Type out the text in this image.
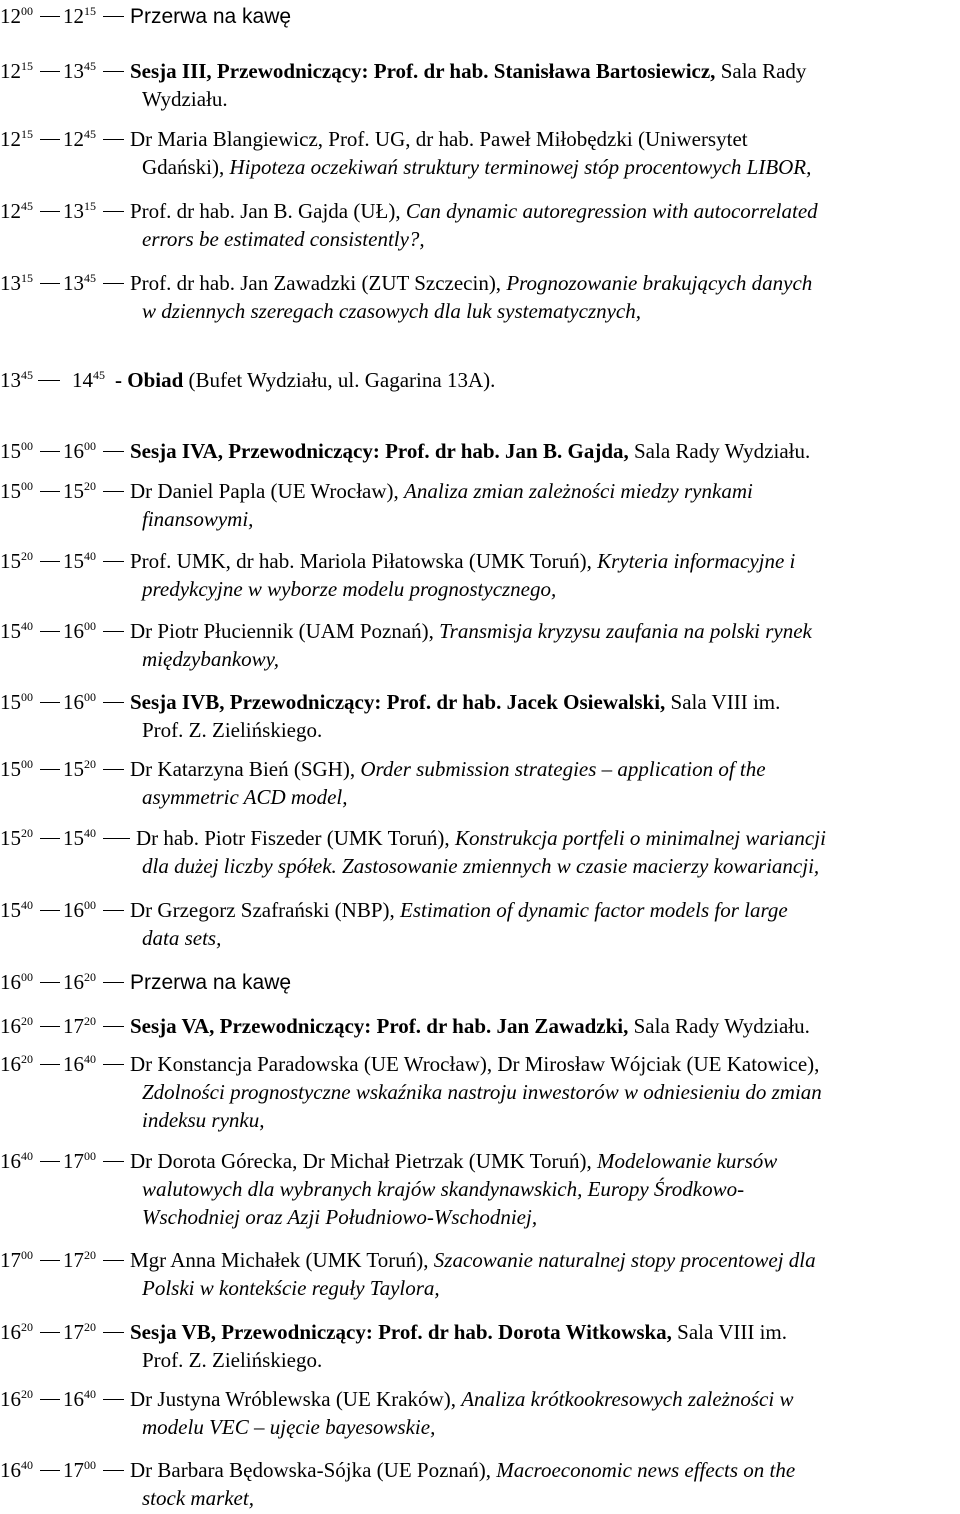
$12^{00}$ $12^{15}$ Przerwa na kawę
$12^{15}$ $13^{45}$ Sesja III, Przewodniczący: Prof. dr hab. Stanisława Bartosiewicz, Sala Rady
Wydziału.
$12^{15}$ $12^{45}$ Dr Maria Blangiewicz, Prof. UG, dr hab. Paweł Miłobędzki (Uniwersytet
Gdański), Hipoteza oczekiwań struktury terminowej stóp procentowych LIBOR,
$12^{45}$ $13^{15}$ Prof. dr hab. Jan B. Gajda (UŁ), Can dynamic autoregression with autocorrelated
errors be estimated consistently?,
$13^{15}$ $13^{45}$ Prof. dr hab. Jan Zawadzki (ZUT Szczecin), Prognozowanie brakujących danych
w dziennych szeregach czasowych dla luk systematycznych,
$13^{45}$ $14^{45}$ - Obiad (Bufet Wydziału, ul. Gagarina 13A).
$15^{00}$ $16^{00}$ Sesja IVA, Przewodniczący: Prof. dr hab. Jan B. Gajda, Sala Rady Wydziału.
$15^{00}$ $15^{20}$ Dr Daniel Papla (UE Wrocław), Analiza zmian zależności miedzy rynkami
finansowymi,
$15^{20}$ $15^{40}$ Prof. UMK, dr hab. Mariola Piłatowska (UMK Toruń), Kryteria informacyjne i
predykcyjne w wyborze modelu prognostycznego,
$15^{40}$ $16^{00}$ Dr Piotr Płuciennik (UAM Poznań), Transmisja kryzysu zaufania na polski rynek
międzybankowy,
$15^{00}$ $16^{00}$ Sesja IVB, Przewodniczący: Prof. dr hab. Jacek Osiewalski, Sala VIII im.
Prof. Z. Zielińskiego.
$15^{00}$ $15^{20}$ Dr Katarzyna Bień (SGH), Order submission strategies – application of the
asymmetric ACD model,
$15^{20}$ $15^{40}$ Dr hab. Piotr Fiszeder (UMK Toruń), Konstrukcja portfeli o minimalnej wariancji
dla dużej liczby spółek. Zastosowanie zmiennych w czasie macierzy kowariancji,
$15^{40}$ $16^{00}$ Dr Grzegorz Szafrański (NBP), Estimation of dynamic factor models for large
data sets,
$16^{00}$ $16^{20}$ Przerwa na kawę
$16^{20}$ $17^{20}$ Sesja VA, Przewodniczący: Prof. dr hab. Jan Zawadzki, Sala Rady Wydziału.
$16^{20}$ $16^{40}$ Dr Konstancja Paradowska (UE Wrocław), Dr Mirosław Wójciak (UE Katowice),
Zdolności prognostyczne wskaźnika nastroju inwestorów w odniesieniu do zmian
indeksu rynku,
$16^{40}$ $17^{00}$ Dr Dorota Górecka, Dr Michał Pietrzak (UMK Toruń), Modelowanie kursów
walutowych dla wybranych krajów skandynawskich, Europy Środkowo-
Wschodniej oraz Azji Południowo-Wschodniej,
$17^{00}$ $17^{20}$ Mgr Anna Michałek (UMK Toruń), Szacowanie naturalnej stopy procentowej dla
Polski w kontekście reguły Taylora,
$16^{20}$ $17^{20}$ Sesja VB, Przewodniczący: Prof. dr hab. Dorota Witkowska, Sala VIII im.
Prof. Z. Zielińskiego.
$16^{20}$ $16^{40}$ Dr Justyna Wróblewska (UE Kraków), Analiza krótkookresowych zależności w
modelu VEC – ujęcie bayesowskie,
$16^{40}$ $17^{00}$ Dr Barbara Będowska-Sójka (UE Poznań), Macroeconomic news effects on the
stock market,
